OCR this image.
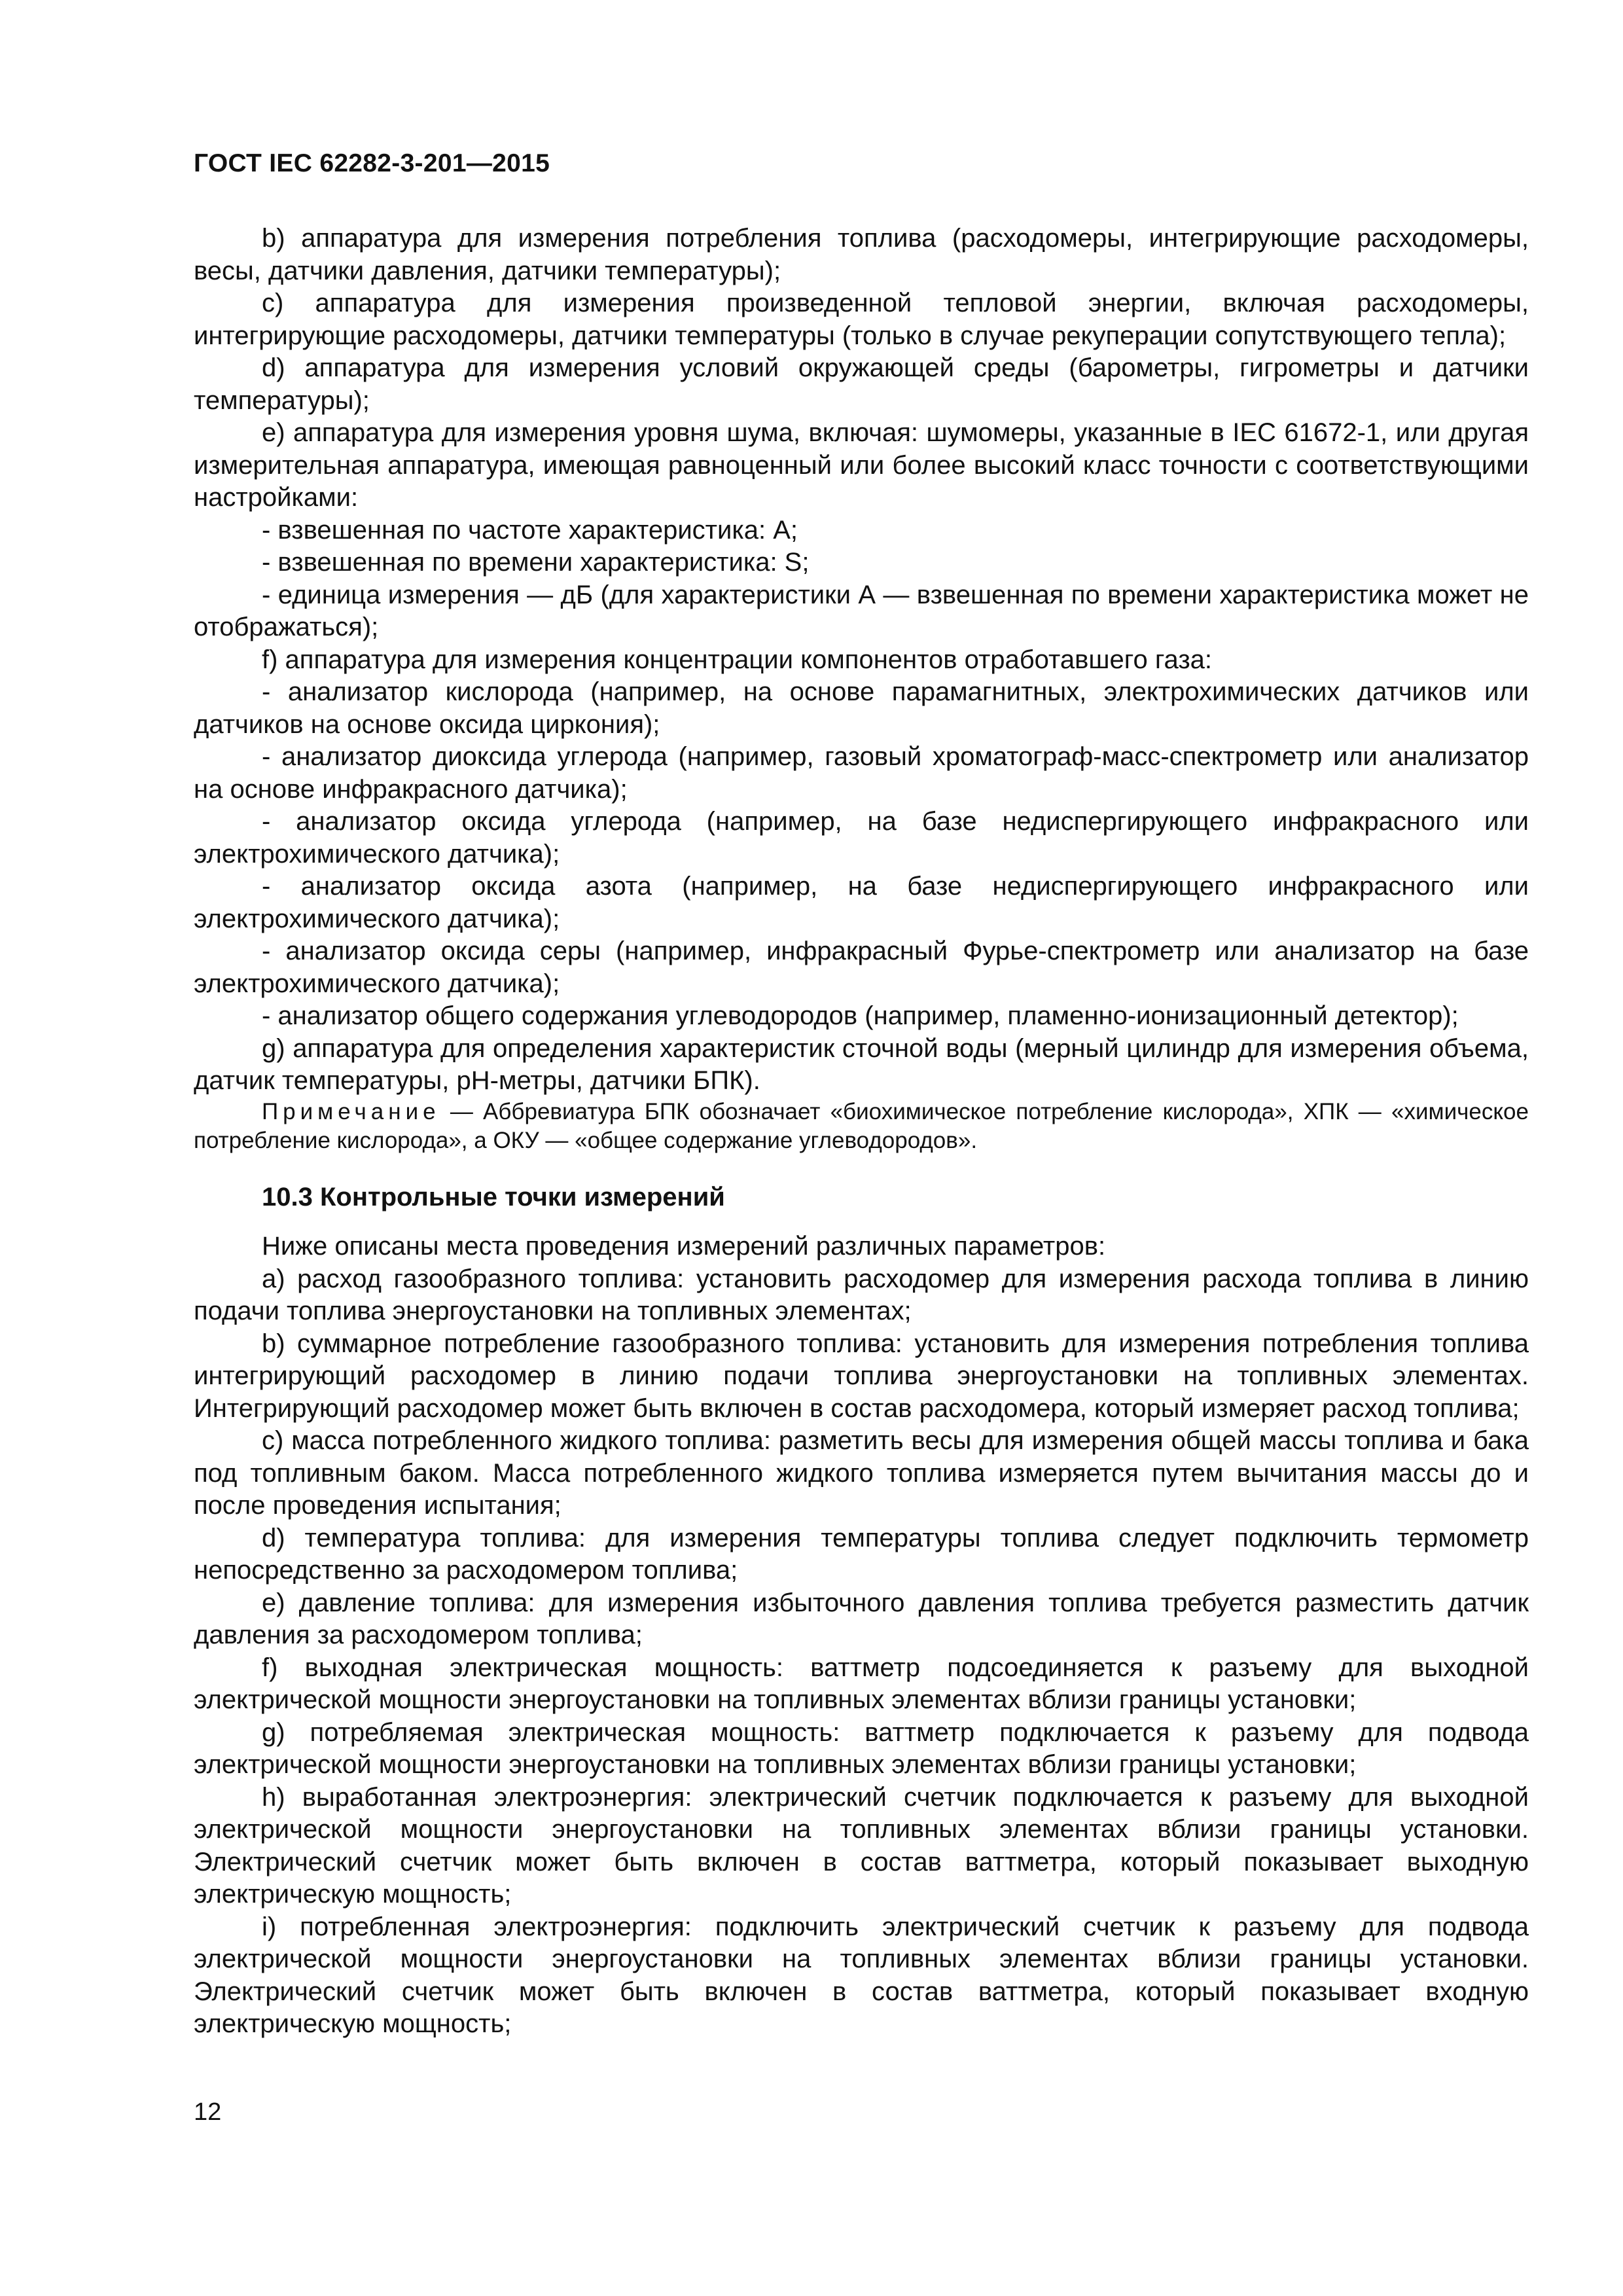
ГОСТ IEC 62282-3-201—2015

b) аппаратура для измерения потребления топлива (расходомеры, интегрирующие расходомеры, весы, датчики давления, датчики температуры);

c) аппаратура для измерения произведенной тепловой энергии, включая расходомеры, интегрирующие расходомеры, датчики температуры (только в случае рекуперации сопутствующего тепла);

d) аппаратура для измерения условий окружающей среды (барометры, гигрометры и датчики температуры);

e) аппаратура для измерения уровня шума, включая: шумомеры, указанные в IEC 61672-1, или другая измерительная аппаратура, имеющая равноценный или более высокий класс точности с соответствующими настройками:

- взвешенная по частоте характеристика: А;

- взвешенная по времени характеристика: S;

- единица измерения — дБ (для характеристики А — взвешенная по времени характеристика может не отображаться);

f) аппаратура для измерения концентрации компонентов отработавшего газа:

- анализатор кислорода (например, на основе парамагнитных, электрохимических датчиков или датчиков на основе оксида циркония);

- анализатор диоксида углерода (например, газовый хроматограф-масс-спектрометр или анализатор на основе инфракрасного датчика);

- анализатор оксида углерода (например, на базе недиспергирующего инфракрасного или электрохимического датчика);

- анализатор оксида азота (например, на базе недиспергирующего инфракрасного или электрохимического датчика);

- анализатор оксида серы (например, инфракрасный Фурье-спектрометр или анализатор на базе электрохимического датчика);

- анализатор общего содержания углеводородов (например, пламенно-ионизационный детектор);

g) аппаратура для определения характеристик сточной воды (мерный цилиндр для измерения объема, датчик температуры, pH-метры, датчики БПК).

Примечание — Аббревиатура БПК обозначает «биохимическое потребление кислорода», ХПК — «химическое потребление кислорода», а ОКУ — «общее содержание углеводородов».

10.3 Контрольные точки измерений

Ниже описаны места проведения измерений различных параметров:

a) расход газообразного топлива: установить расходомер для измерения расхода топлива в линию подачи топлива энергоустановки на топливных элементах;

b) суммарное потребление газообразного топлива: установить для измерения потребления топлива интегрирующий расходомер в линию подачи топлива энергоустановки на топливных элементах. Интегрирующий расходомер может быть включен в состав расходомера, который измеряет расход топлива;

c) масса потребленного жидкого топлива: разметить весы для измерения общей массы топлива и бака под топливным баком. Масса потребленного жидкого топлива измеряется путем вычитания массы до и после проведения испытания;

d) температура топлива: для измерения температуры топлива следует подключить термометр непосредственно за расходомером топлива;

e) давление топлива: для измерения избыточного давления топлива требуется разместить датчик давления за расходомером топлива;

f) выходная электрическая мощность: ваттметр подсоединяется к разъему для выходной электрической мощности энергоустановки на топливных элементах вблизи границы установки;

g) потребляемая электрическая мощность: ваттметр подключается к разъему для подвода электрической мощности энергоустановки на топливных элементах вблизи границы установки;

h) выработанная электроэнергия: электрический счетчик подключается к разъему для выходной электрической мощности энергоустановки на топливных элементах вблизи границы установки. Электрический счетчик может быть включен в состав ваттметра, который показывает выходную электрическую мощность;

i) потребленная электроэнергия: подключить электрический счетчик к разъему для подвода электрической мощности энергоустановки на топливных элементах вблизи границы установки. Электрический счетчик может быть включен в состав ваттметра, который показывает входную электрическую мощность;

12
